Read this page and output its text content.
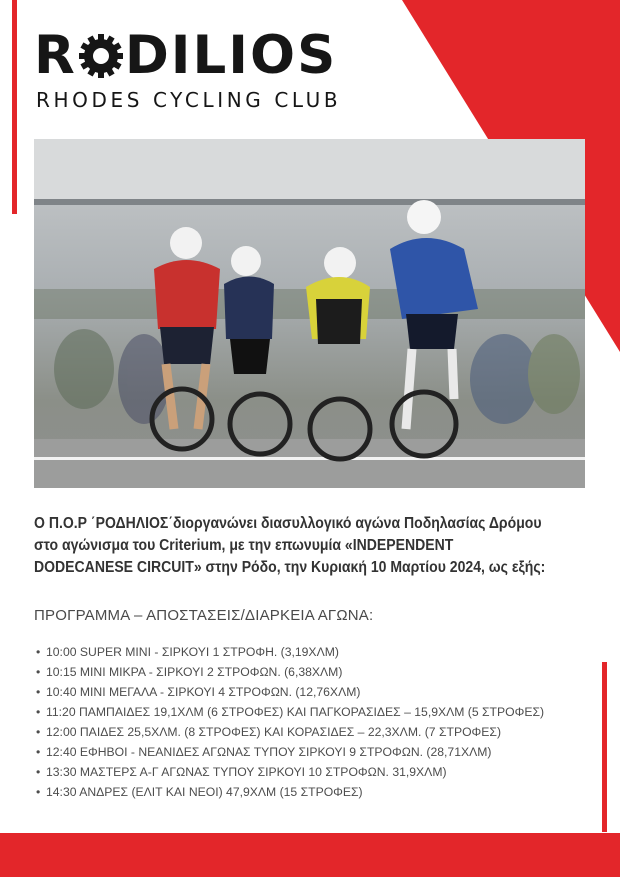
R DILIOS
RHODES CYCLING CLUB
Ο Π.Ο.Ρ ΄ΡΟΔΗΛΙΟΣ΄διοργανώνει διασυλλογικό αγώνα Ποδηλασίας Δρόμου
στο αγώνισμα του Criterium, με την επωνυμία «INDEPENDENT
DODECANESE CIRCUIT» στην Ρόδο, την Κυριακή 10 Μαρτίου 2024, ως εξής:
ΠΡΟΓΡΑΜΜΑ – ΑΠΟΣΤΑΣΕΙΣ/ΔΙΑΡΚΕΙΑ ΑΓΩΝΑ:
• 10:00 SUPER MINI - ΣΙΡΚΟΥΙ 1 ΣΤΡΟΦΗ. (3,19ΧΛΜ)
• 10:15 ΜΙΝΙ ΜΙΚΡΑ - ΣΙΡΚΟΥΙ 2 ΣΤΡΟΦΩΝ. (6,38ΧΛΜ)
• 10:40 ΜΙΝΙ ΜΕΓΑΛΑ - ΣΙΡΚΟΥΙ 4 ΣΤΡΟΦΩΝ. (12,76ΧΛΜ)
• 11:20 ΠΑΜΠΑΙΔΕΣ 19,1ΧΛΜ (6 ΣΤΡΟΦΕΣ) ΚΑΙ ΠΑΓΚΟΡΑΣΙΔΕΣ – 15,9ΧΛΜ (5 ΣΤΡΟΦΕΣ)
• 12:00 ΠΑΙΔΕΣ 25,5ΧΛΜ. (8 ΣΤΡΟΦΕΣ) ΚΑΙ ΚΟΡΑΣΙΔΕΣ – 22,3ΧΛΜ. (7 ΣΤΡΟΦΕΣ)
• 12:40 ΕΦΗΒΟΙ - ΝΕΑΝΙΔΕΣ ΑΓΩΝΑΣ ΤΥΠΟΥ ΣΙΡΚΟΥΙ 9 ΣΤΡΟΦΩΝ. (28,71ΧΛΜ)
• 13:30 ΜΑΣΤΕΡΣ Α-Γ ΑΓΩΝΑΣ ΤΥΠΟΥ ΣΙΡΚΟΥΙ 10 ΣΤΡΟΦΩΝ. 31,9ΧΛΜ)
• 14:30 ΑΝΔΡΕΣ (ΕΛΙΤ ΚΑΙ ΝΕΟΙ) 47,9ΧΛΜ (15 ΣΤΡΟΦΕΣ)
